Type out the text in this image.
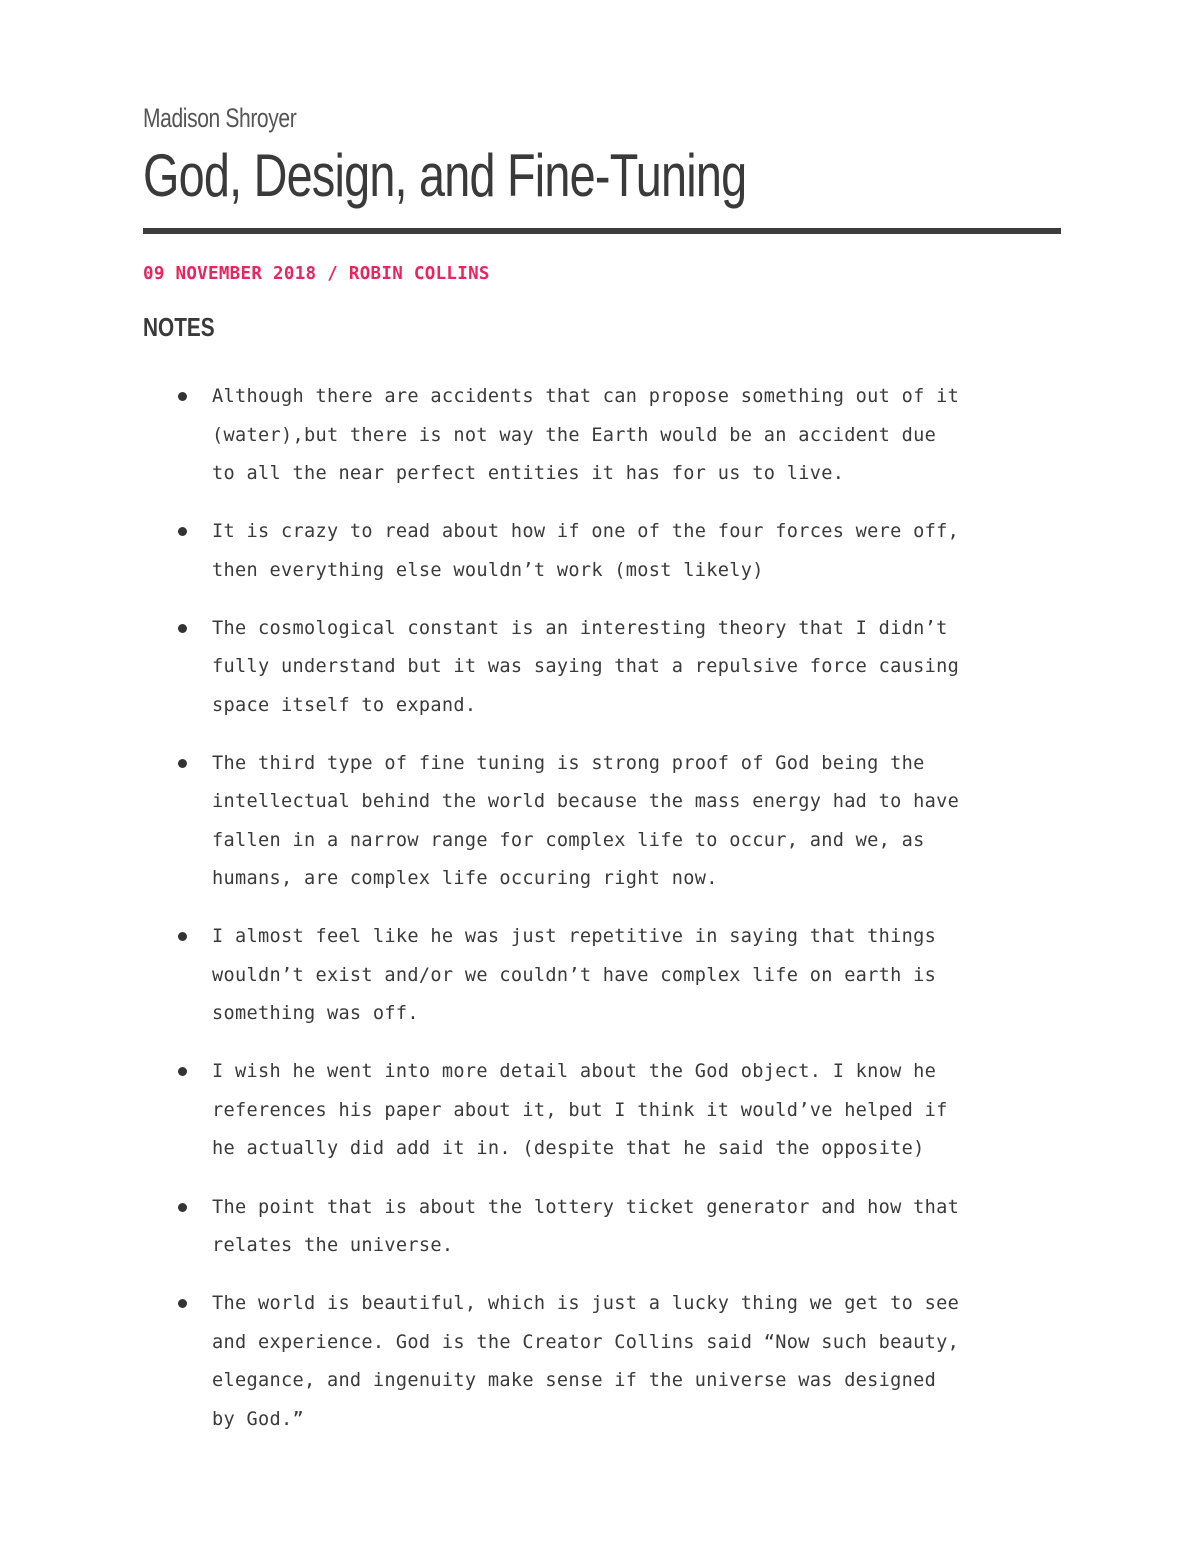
Madison Shroyer

God, Design, and Fine-Tuning
09 NOVEMBER 2018 / ROBIN COLLINS
NOTES
Although there are accidents that can propose something out of it
(water),but there is not way the Earth would be an accident due
to all the near perfect entities it has for us to live.
It is crazy to read about how if one of the four forces were off,
then everything else wouldn’t work (most likely)
The cosmological constant is an interesting theory that I didn’t
fully understand but it was saying that a repulsive force causing
space itself to expand.
The third type of fine tuning is strong proof of God being the
intellectual behind the world because the mass energy had to have
fallen in a narrow range for complex life to occur, and we, as
humans, are complex life occuring right now.
I almost feel like he was just repetitive in saying that things
wouldn’t exist and/or we couldn’t have complex life on earth is
something was off.
I wish he went into more detail about the God object. I know he
references his paper about it, but I think it would’ve helped if
he actually did add it in. (despite that he said the opposite)
The point that is about the lottery ticket generator and how that
relates the universe.
The world is beautiful, which is just a lucky thing we get to see
and experience. God is the Creator Collins said “Now such beauty,
elegance, and ingenuity make sense if the universe was designed
by God.”
